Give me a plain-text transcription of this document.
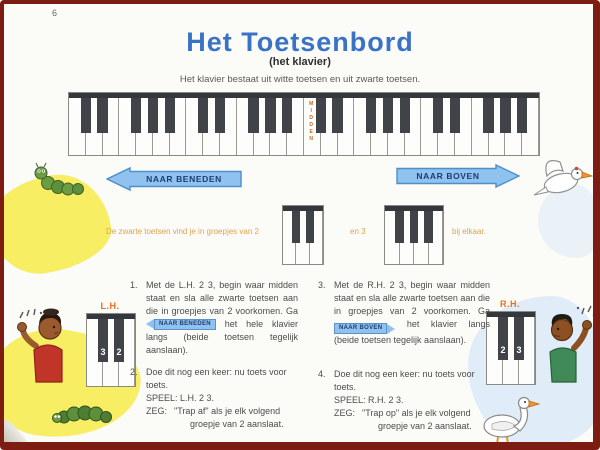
6
Het Toetsenbord
(het klavier)
Het klavier bestaat uit witte toetsen en uit zwarte toetsen.
MIDDEN
NAAR BENEDEN	NAAR BOVEN
De zwarte toetsen vind je in groepjes van 2	en 3	bij elkaar.
1. Met de L.H. 2 3, begin waar midden staat en sla alle zwarte toetsen aan die in groepjes van 2 voorkomen. Ga
NAAR BENEDEN	het hele klavier langs (beide toetsen tegelijk aanslaan).

2. Doe dit nog een keer: nu toets voor toets.

SPEEL: L.H. 2 3.

ZEG: "Trap af" als je elk volgend groepje van 2 aanslaat.
3. Met de R.H. 2 3, begin waar midden staat en sla alle zwarte toetsen aan die in groepjes van 2 voorkomen. Ga
NAAR BOVEN	het klavier langs (beide toetsen tegelijk aanslaan).

4. Doe dit nog een keer: nu toets voor toets.

SPEEL: R.H. 2 3.

ZEG: "Trap op" als je elk volgend groepje van 2 aanslaat.
L.H.
3 2
R.H.
2 3
